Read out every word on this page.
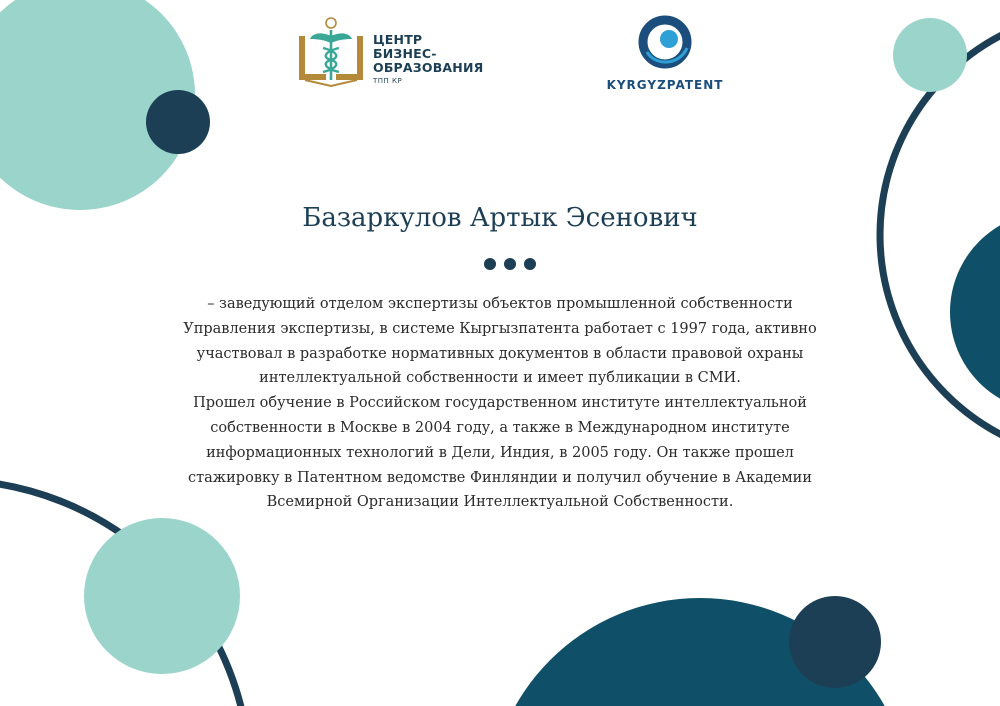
ЦЕНТР
БИЗНЕС-
ОБРАЗОВАНИЯ
ТПП КР	KYRGYZPATENT
Базаркулов Артык Эсенович

– заведующий отделом экспертизы объектов промышленной собственности
Управления экспертизы, в системе Кыргызпатента работает с 1997 года, активно
участвовал в разработке нормативных документов в области правовой охраны
интеллектуальной собственности и имеет публикации в СМИ.
Прошел обучение в Российском государственном институте интеллектуальной
собственности в Москве в 2004 году, а также в Международном институте
информационных технологий в Дели, Индия, в 2005 году. Он также прошел
стажировку в Патентном ведомстве Финляндии и получил обучение в Академии
Всемирной Организации Интеллектуальной Собственности.
